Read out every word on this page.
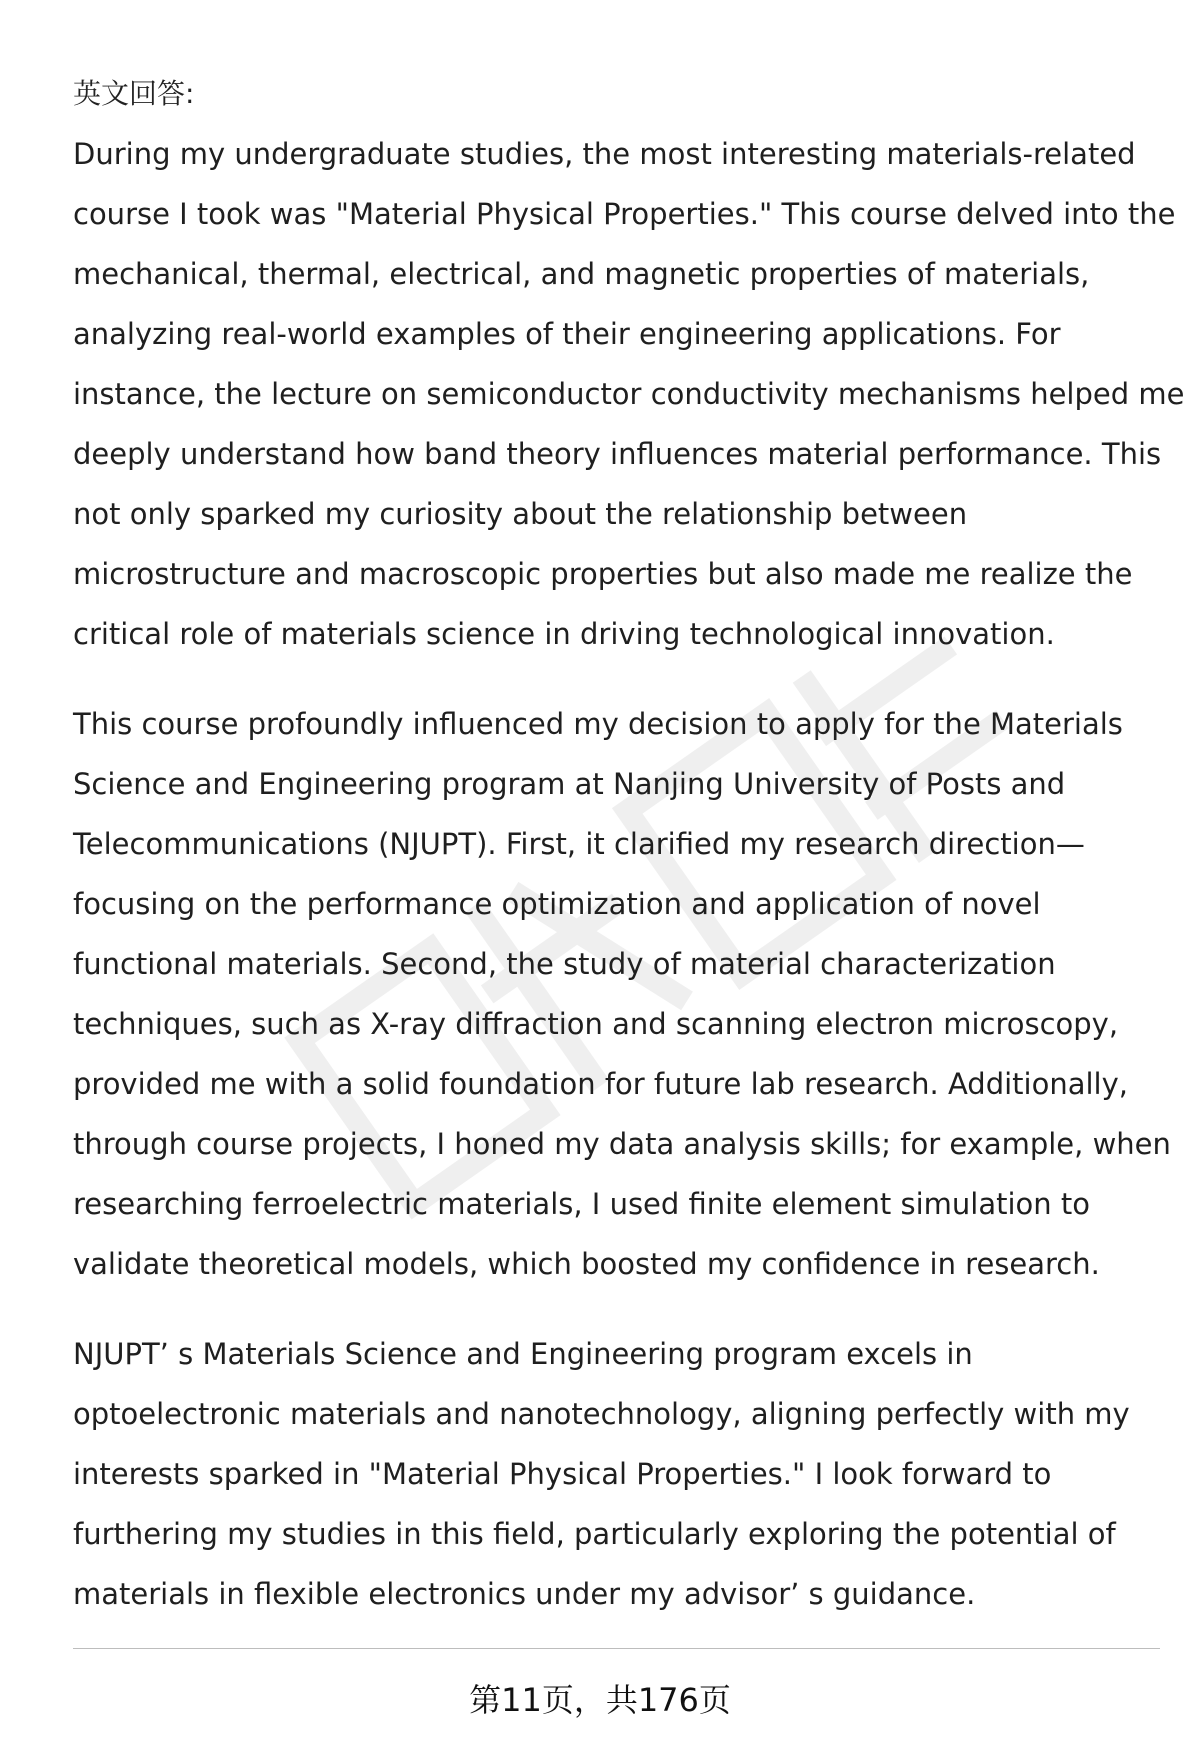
英文回答:
During my undergraduate studies, the most interesting materials-related
course I took was "Material Physical Properties." This course delved into the
mechanical, thermal, electrical, and magnetic properties of materials,
analyzing real-world examples of their engineering applications. For
instance, the lecture on semiconductor conductivity mechanisms helped me
deeply understand how band theory influences material performance. This
not only sparked my curiosity about the relationship between
microstructure and macroscopic properties but also made me realize the
critical role of materials science in driving technological innovation.
This course profoundly influenced my decision to apply for the Materials
Science and Engineering program at Nanjing University of Posts and
Telecommunications (NJUPT). First, it clarified my research direction—
focusing on the performance optimization and application of novel
functional materials. Second, the study of material characterization
techniques, such as X-ray diffraction and scanning electron microscopy,
provided me with a solid foundation for future lab research. Additionally,
through course projects, I honed my data analysis skills; for example, when
researching ferroelectric materials, I used finite element simulation to
validate theoretical models, which boosted my confidence in research.
NJUPT’ s Materials Science and Engineering program excels in
optoelectronic materials and nanotechnology, aligning perfectly with my
interests sparked in "Material Physical Properties." I look forward to
furthering my studies in this field, particularly exploring the potential of
materials in flexible electronics under my advisor’ s guidance.
第11页，共176页
